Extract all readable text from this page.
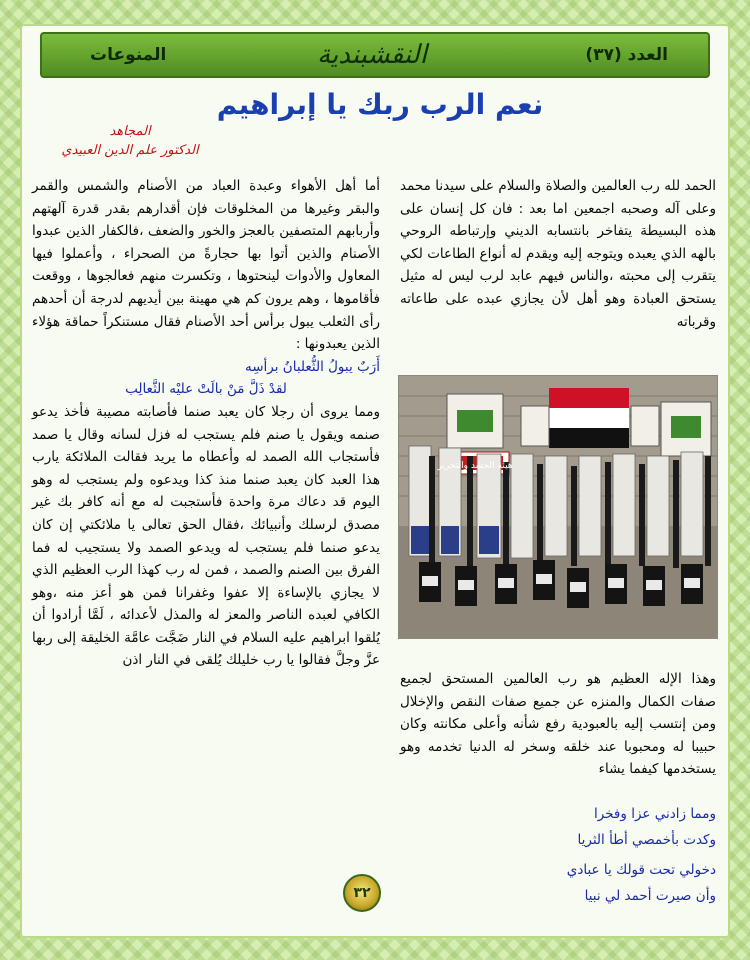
المنوعات	النقشبندية	العدد (٣٧)
نعم الرب ربك يا إبراهيم
المجاهد
الدكتور علم الدين العبيدي
الحمد لله رب العالمين والصلاة والسلام على سيدنا محمد وعلى آله وصحبه اجمعين اما بعد : فان كل إنسان على هذه البسيطة يتفاخر بانتسابه الديني وإرتباطه الروحي بالهه الذي يعبده ويتوجه إليه ويقدم له أنواع الطاعات لكي يتقرب إلى محبته ،والناس فيهم عابد لرب ليس له مثيل يستحق العبادة وهو أهل لأن يجازي عبده على طاعاته وقرباته
هيئة الحشد والتحرير
وهذا الإله العظيم هو رب العالمين المستحق لجميع صفات الكمال والمنزه عن جميع صفات النقص والإخلال ومن إنتسب إليه بالعبودية رفع شأنه وأعلى مكانته وكان حبيبا له ومحبوبا عند خلقه وسخر له الدنيا تخدمه وهو يستخدمها كيفما يشاء
ومما زادني عزا وفخرا
وكدت بأخمصي أطأ الثريا
دخولي تحت قولك يا عبادي
وأن صيرت أحمد لي نبيا
أما أهل الأهواء وعبدة العباد من الأصنام والشمس والقمر والبقر وغيرها من المخلوقات فإن أقدارهم بقدر قدرة آلهتهم وأربابهم المتصفين بالعجز والخور والضعف ،فالكفار الذين عبدوا الأصنام والذين أتوا بها حجارةً من الصحراء ، وأعملوا فيها المعاول والأدوات لينحتوها ، وتكسرت منهم فعالجوها ، ووقعت فأقاموها ، وهم يرون كم هي مهينة بين أيديهم لدرجة أن أحدهم رأى الثعلب يبول برأس أحد الأصنام فقال مستنكراً حماقة هؤلاء الذين يعبدونها :
أَرَبٌ يبولُ الثُّعلبانُ برأسِه
لقدْ ذَلَّ مَنْ بالَتْ عليْه الثَّعالِب
ومما يروى أن رجلا كان يعبد صنما فأصابته مصيبة فأخذ يدعو صنمه ويقول يا صنم فلم يستجب له فزل لسانه وقال يا صمد فأستجاب الله الصمد له وأعطاه ما يريد فقالت الملائكة يارب هذا العبد كان يعبد صنما منذ كذا ويدعوه ولم يستجب له وهو اليوم قد دعاك مرة واحدة فأستجبت له مع أنه كافر بك غير مصدق لرسلك وأنبيائك ،فقال الحق تعالى يا ملائكتي إن كان يدعو صنما فلم يستجب له ويدعو الصمد ولا يستجيب له فما الفرق بين الصنم والصمد ، فمن له رب كهذا الرب العظيم الذي لا يجازي بالإساءة إلا عفوا وغفرانا فمن هو أعز منه ،وهو الكافي لعبده الناصر والمعز له والمذل لأعدائه ، لَمَّا أرادوا أن يُلقوا ابراهيم عليه السلام في النار ضَجَّت عامَّة الخليقة إلى ربها عزَّ وجلَّ فقالوا يا رب خليلك يُلقى في النار اذن
٣٢
